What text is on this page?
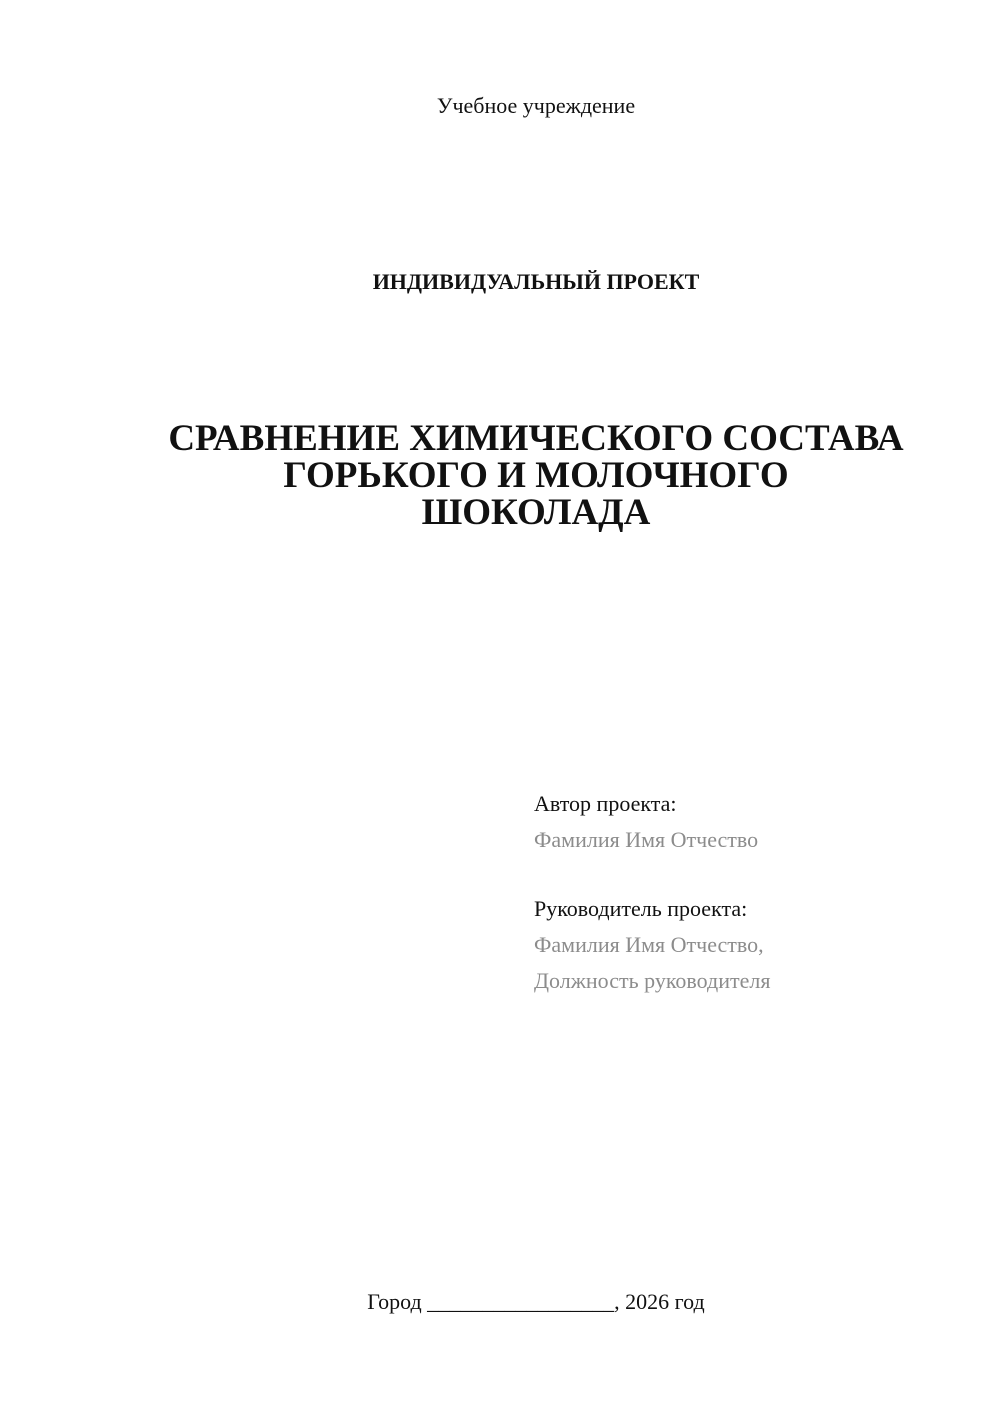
Учебное учреждение
ИНДИВИДУАЛЬНЫЙ ПРОЕКТ
СРАВНЕНИЕ ХИМИЧЕСКОГО СОСТАВА
ГОРЬКОГО И МОЛОЧНОГО
ШОКОЛАДА
Автор проекта:
Фамилия Имя Отчество
Руководитель проекта:
Фамилия Имя Отчество,
Должность руководителя
Город _________________, 2026 год
